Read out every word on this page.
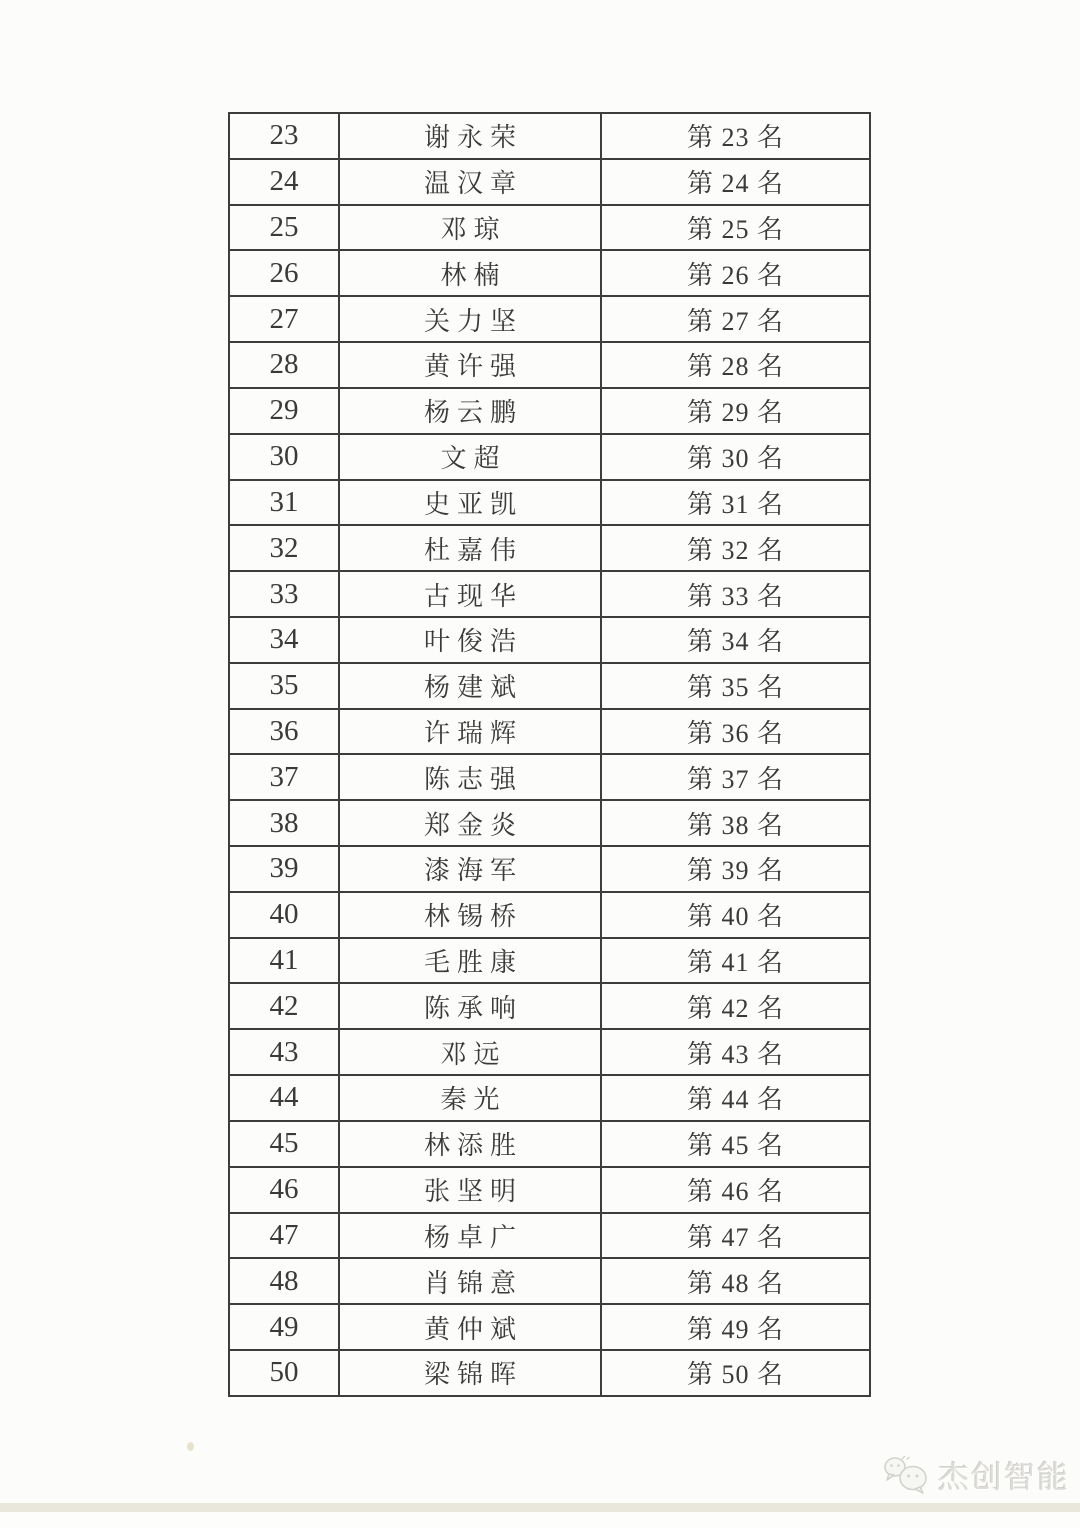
23	谢永荣	第 23 名
24	温汉章	第 24 名
25	邓琼	第 25 名
26	林楠	第 26 名
27	关力坚	第 27 名
28	黄许强	第 28 名
29	杨云鹏	第 29 名
30	文超	第 30 名
31	史亚凯	第 31 名
32	杜嘉伟	第 32 名
33	古现华	第 33 名
34	叶俊浩	第 34 名
35	杨建斌	第 35 名
36	许瑞辉	第 36 名
37	陈志强	第 37 名
38	郑金炎	第 38 名
39	漆海军	第 39 名
40	林锡桥	第 40 名
41	毛胜康	第 41 名
42	陈承响	第 42 名
43	邓远	第 43 名
44	秦光	第 44 名
45	林添胜	第 45 名
46	张坚明	第 46 名
47	杨卓广	第 47 名
48	肖锦意	第 48 名
49	黄仲斌	第 49 名
50	梁锦晖	第 50 名
杰创智能
